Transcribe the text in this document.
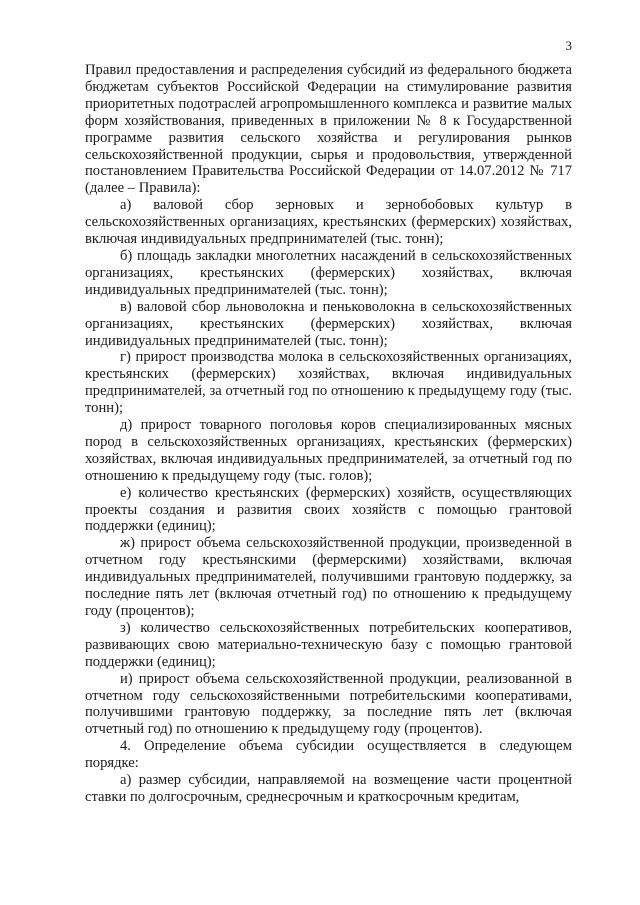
3

Правил предоставления и распределения субсидий из федерального бюджета бюджетам субъектов Российской Федерации на стимулирование развития приоритетных подотраслей агропромышленного комплекса и развитие малых форм хозяйствования, приведенных в приложении № 8 к Государственной программе развития сельского хозяйства и регулирования рынков сельскохозяйственной продукции, сырья и продовольствия, утвержденной постановлением Правительства Российской Федерации от 14.07.2012 № 717 (далее – Правила):

а) валовой сбор зерновых и зернобобовых культур в сельскохозяйственных организациях, крестьянских (фермерских) хозяйствах, включая индивидуальных предпринимателей (тыс. тонн);

б) площадь закладки многолетних насаждений в сельскохозяйственных организациях, крестьянских (фермерских) хозяйствах, включая индивидуальных предпринимателей (тыс. тонн);

в) валовой сбор льноволокна и пеньковолокна в сельскохозяйственных организациях, крестьянских (фермерских) хозяйствах, включая индивидуальных предпринимателей (тыс. тонн);

г) прирост производства молока в сельскохозяйственных организациях, крестьянских (фермерских) хозяйствах, включая индивидуальных предпринимателей, за отчетный год по отношению к предыдущему году (тыс. тонн);

д) прирост товарного поголовья коров специализированных мясных пород в сельскохозяйственных организациях, крестьянских (фермерских) хозяйствах, включая индивидуальных предпринимателей, за отчетный год по отношению к предыдущему году (тыс. голов);

е) количество крестьянских (фермерских) хозяйств, осуществляющих проекты создания и развития своих хозяйств с помощью грантовой поддержки (единиц);

ж) прирост объема сельскохозяйственной продукции, произведенной в отчетном году крестьянскими (фермерскими) хозяйствами, включая индивидуальных предпринимателей, получившими грантовую поддержку, за последние пять лет (включая отчетный год) по отношению к предыдущему году (процентов);

з) количество сельскохозяйственных потребительских кооперативов, развивающих свою материально-техническую базу с помощью грантовой поддержки (единиц);

и) прирост объема сельскохозяйственной продукции, реализованной в отчетном году сельскохозяйственными потребительскими кооперативами, получившими грантовую поддержку, за последние пять лет (включая отчетный год) по отношению к предыдущему году (процентов).

4. Определение объема субсидии осуществляется в следующем порядке:

а) размер субсидии, направляемой на возмещение части процентной ставки по долгосрочным, среднесрочным и краткосрочным кредитам,
